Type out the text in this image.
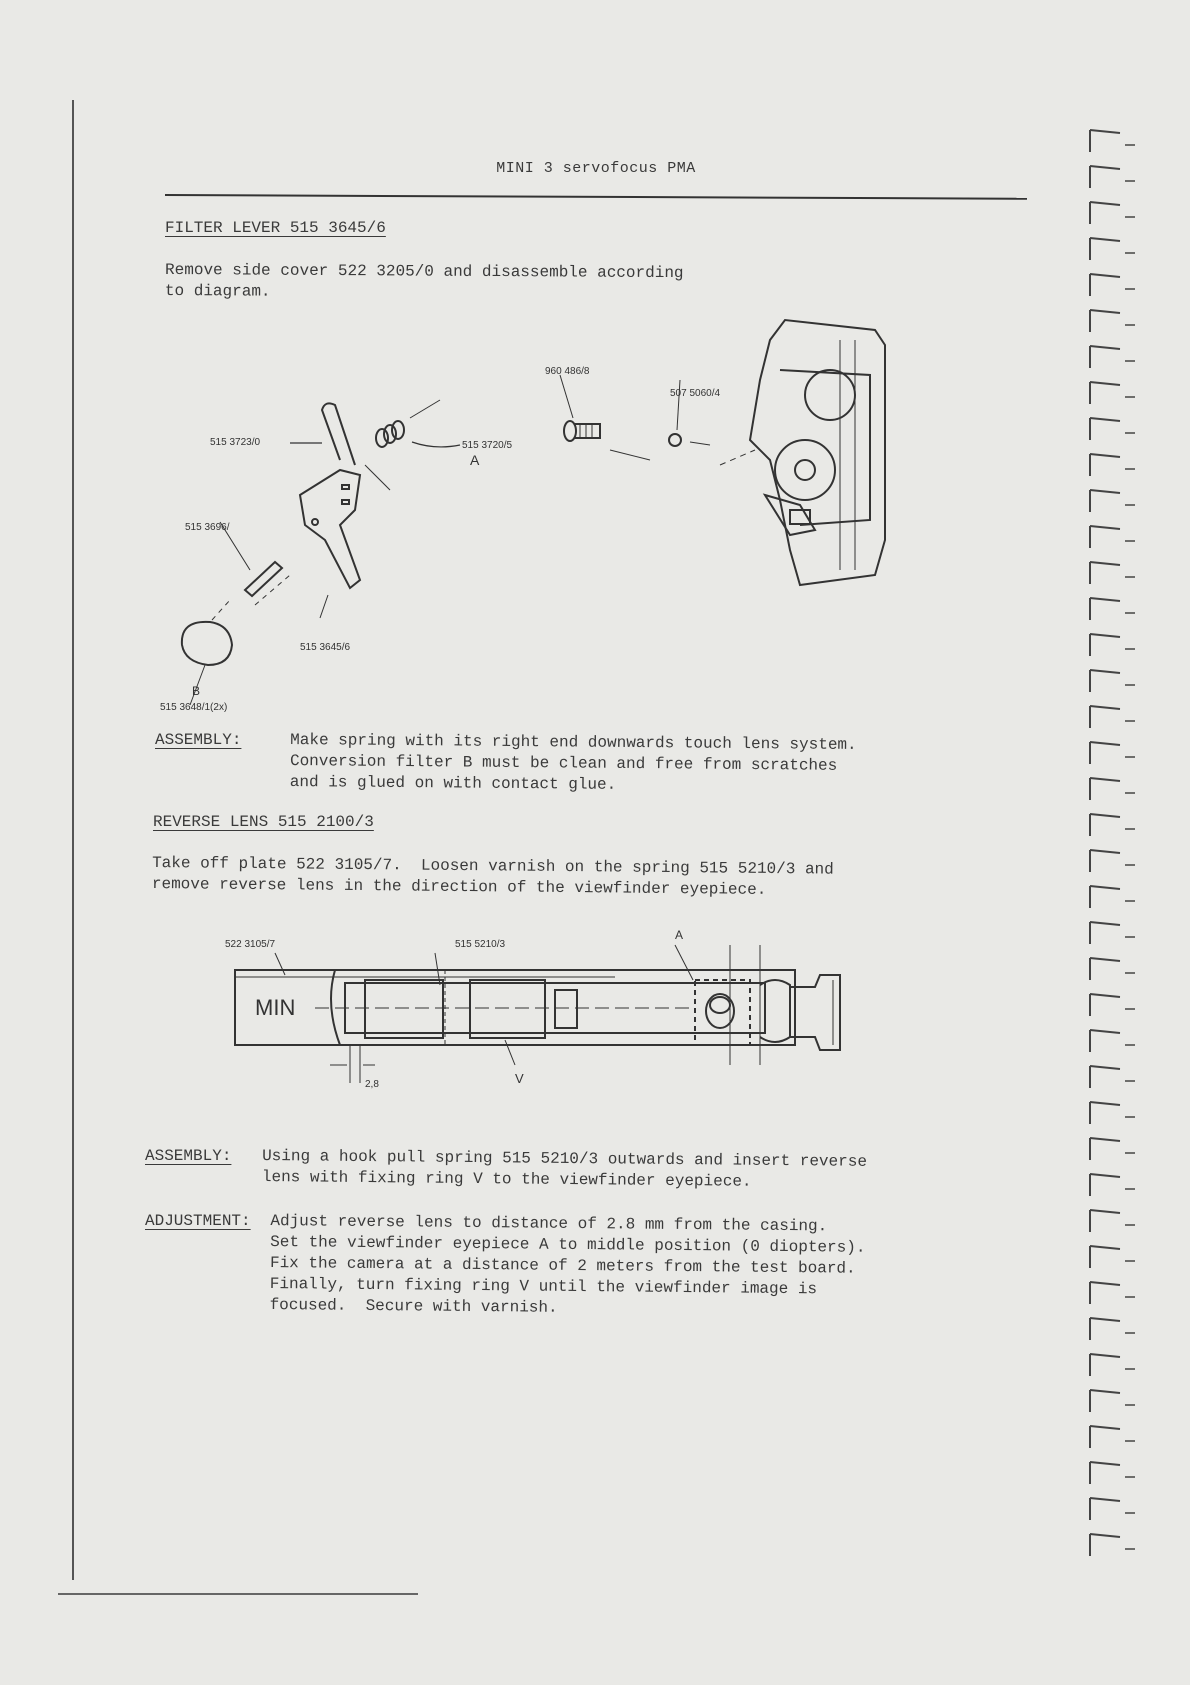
MINI 3 servofocus PMA
FILTER LEVER 515 3645/6
Remove side cover 522 3205/0 and disassemble according
to diagram.
515 3723/0	515 3720/5
A
515 3696/
515 3645/6
B
515 3648/1(2x)
960 486/8
507 5060/4
ASSEMBLY:	Make spring with its right end downwards touch lens system.
Conversion filter B must be clean and free from scratches
and is glued on with contact glue.
REVERSE LENS 515 2100/3
Take off plate 522 3105/7.  Loosen varnish on the spring 515 5210/3 and
remove reverse lens in the direction of the viewfinder eyepiece.
522 3105/7	515 5210/3
A
MIN
V
2,8
ASSEMBLY: Using a hook pull spring 515 5210/3 outwards and insert reverse
lens with fixing ring V to the viewfinder eyepiece.
ADJUSTMENT: Adjust reverse lens to distance of 2.8 mm from the casing.
Set the viewfinder eyepiece A to middle position (0 diopters).
Fix the camera at a distance of 2 meters from the test board.
Finally, turn fixing ring V until the viewfinder image is
focused.  Secure with varnish.
